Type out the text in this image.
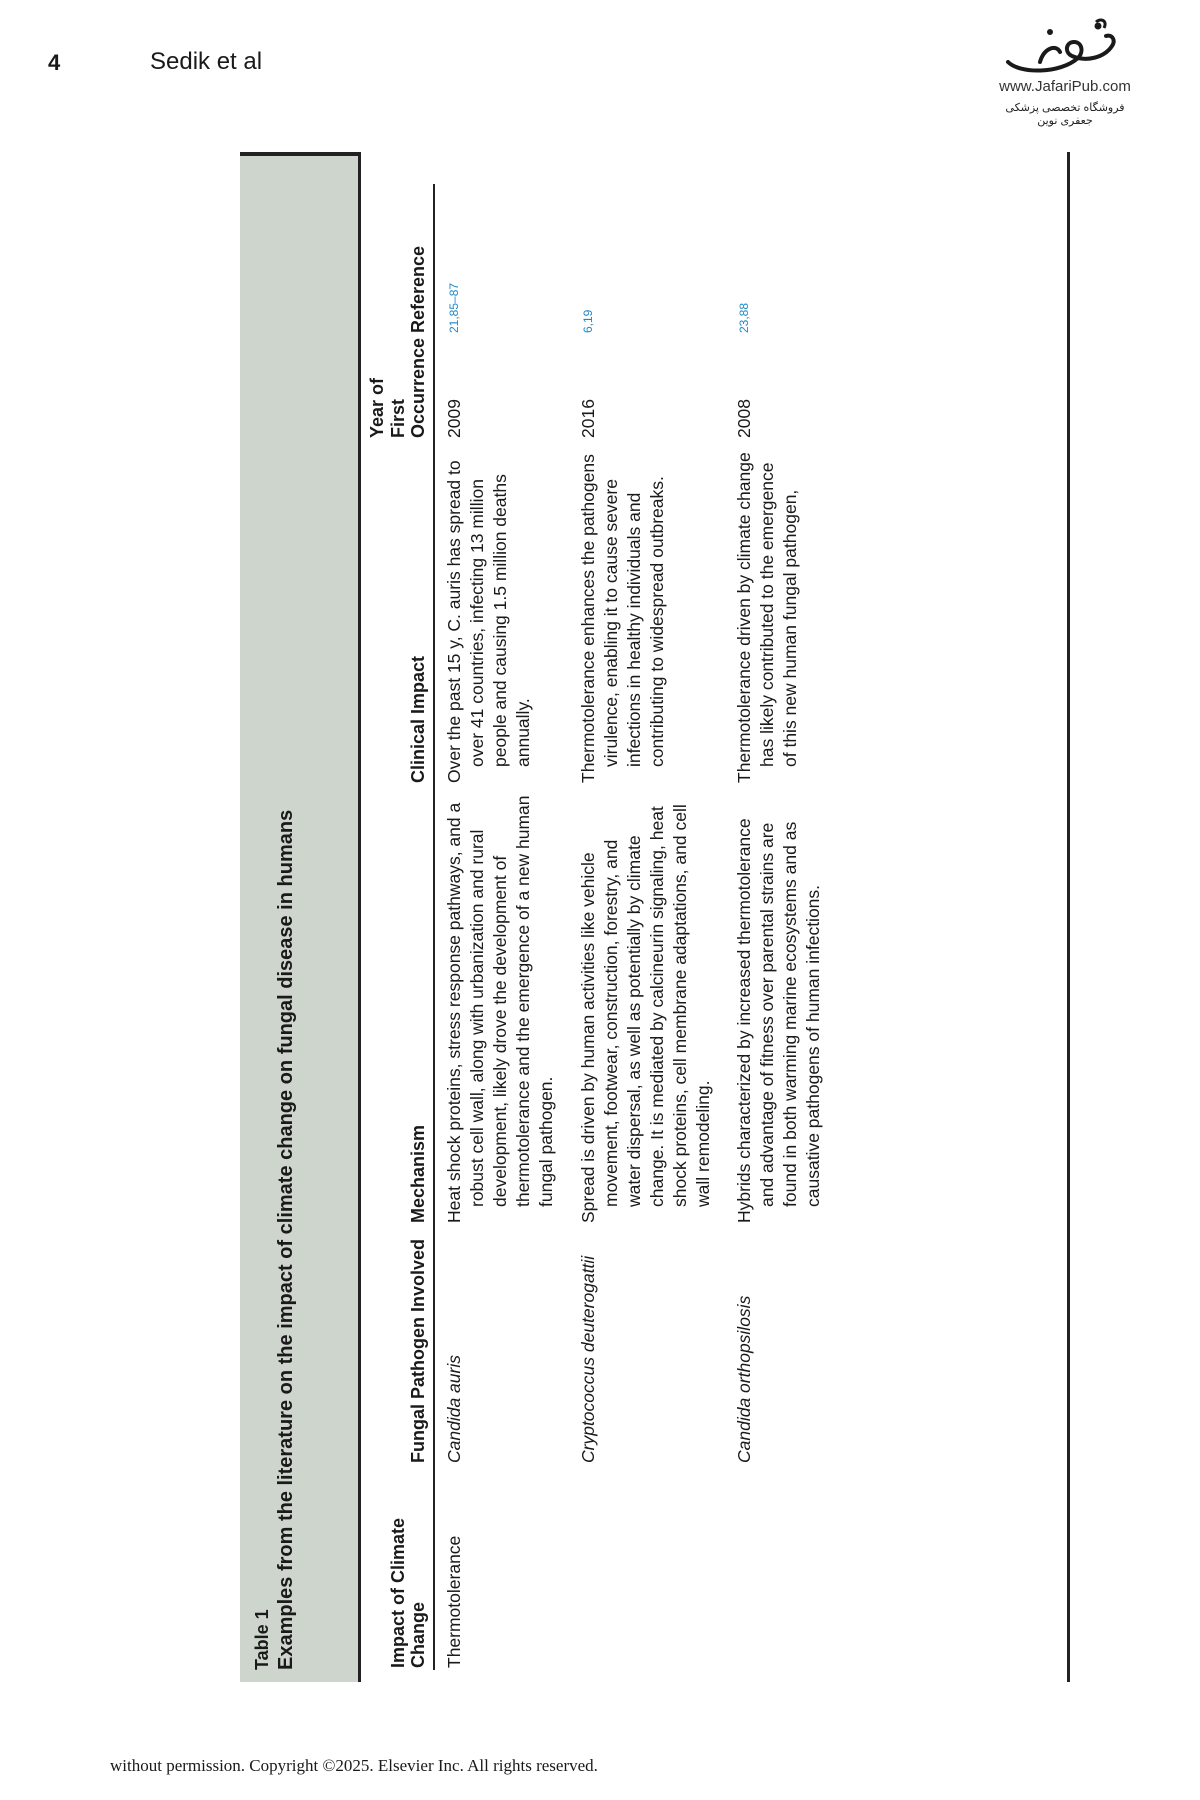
4	Sedik et al
www.JafariPub.com
فروشگاه تخصصی پزشکی جعفری نوین
Table 1 Examples from the literature on the impact of climate change on fungal disease in humans	Impact of Climate Change	Fungal Pathogen Involved	Mechanism	Clinical Impact	Year of First Occurrence	Reference
Thermotolerance	Candida auris	Heat shock proteins, stress response pathways, and a robust cell wall, along with urbanization and rural development, likely drove the development of thermotolerance and the emergence of a new human fungal pathogen.	Over the past 15 y, C. auris has spread to over 41 countries, infecting 13 million people and causing 1.5 million deaths annually.	2009	21,85–87
	Cryptococcus deuterogattii	Spread is driven by human activities like vehicle movement, footwear, construction, forestry, and water dispersal, as well as potentially by climate change. It is mediated by calcineurin signaling, heat shock proteins, cell membrane adaptations, and cell wall remodeling.	Thermotolerance enhances the pathogens virulence, enabling it to cause severe infections in healthy individuals and contributing to widespread outbreaks.	2016	6,19
	Candida orthopsilosis	Hybrids characterized by increased thermotolerance and advantage of fitness over parental strains are found in both warming marine ecosystems and as causative pathogens of human infections.	Thermotolerance driven by climate change has likely contributed to the emergence of this new human fungal pathogen,	2008	23,88
without permission. Copyright ©2025. Elsevier Inc. All rights reserved.
